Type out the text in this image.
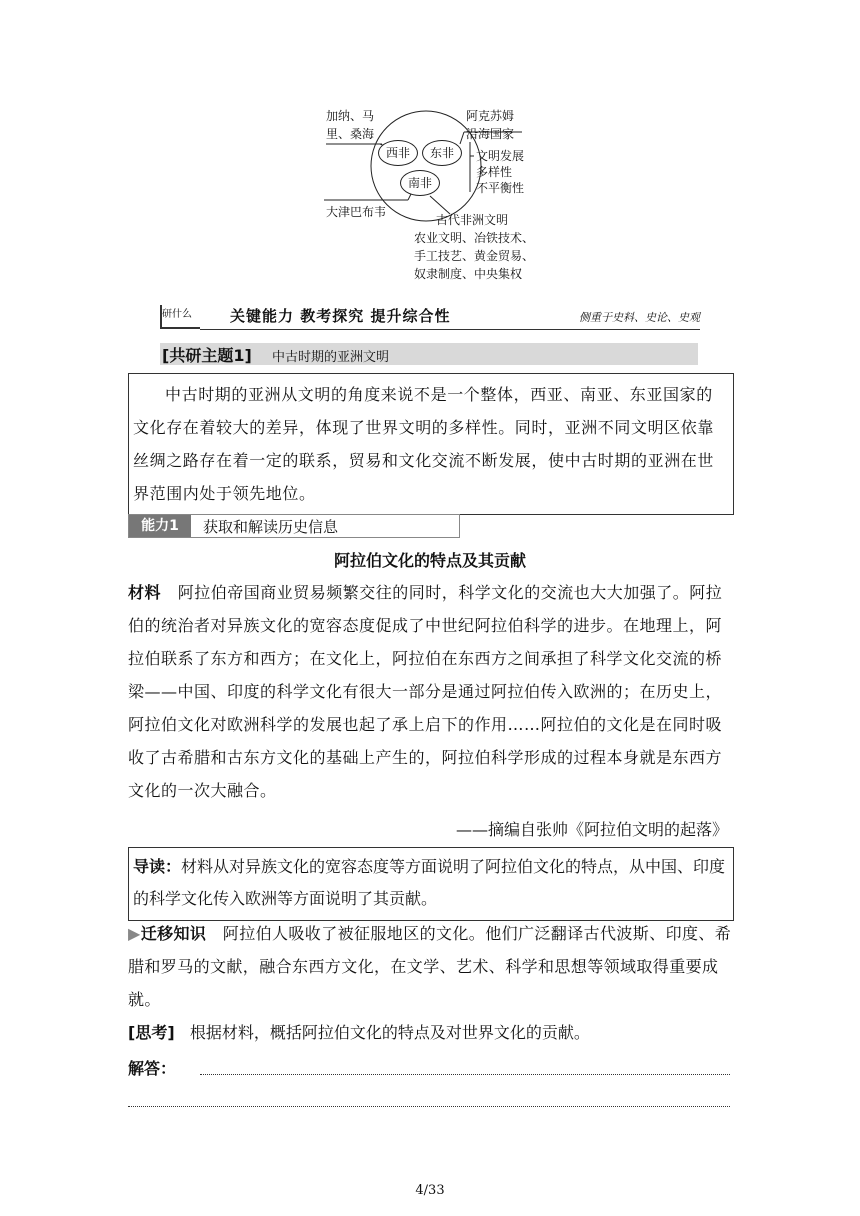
加纳、马
里、桑海
阿克苏姆
沿海国家
西非	东非
南非
文明发展
多样性
不平衡性
大津巴布韦
古代非洲文明
农业文明、冶铁技术、
手工技艺、黄金贸易、
奴隶制度、中央集权
研什么	关键能力 教考探究 提升综合性	侧重于史料、史论、史观
[共研主题1] 中古时期的亚洲文明

中古时期的亚洲从文明的角度来说不是一个整体，西亚、南亚、东亚国家的文化存在着较大的差异，体现了世界文明的多样性。同时，亚洲不同文明区依靠丝绸之路存在着一定的联系，贸易和文化交流不断发展，使中古时期的亚洲在世界范围内处于领先地位。

能力1	获取和解读历史信息
阿拉伯文化的特点及其贡献

材料 阿拉伯帝国商业贸易频繁交往的同时，科学文化的交流也大大加强了。阿拉伯的统治者对异族文化的宽容态度促成了中世纪阿拉伯科学的进步。在地理上，阿拉伯联系了东方和西方；在文化上，阿拉伯在东西方之间承担了科学文化交流的桥梁——中国、印度的科学文化有很大一部分是通过阿拉伯传入欧洲的；在历史上，阿拉伯文化对欧洲科学的发展也起了承上启下的作用……阿拉伯的文化是在同时吸收了古希腊和古东方文化的基础上产生的，阿拉伯科学形成的过程本身就是东西方文化的一次大融合。

——摘编自张帅《阿拉伯文明的起落》

导读：材料从对异族文化的宽容态度等方面说明了阿拉伯文化的特点，从中国、印度的科学文化传入欧洲等方面说明了其贡献。

▶迁移知识 阿拉伯人吸收了被征服地区的文化。他们广泛翻译古代波斯、印度、希腊和罗马的文献，融合东西方文化，在文学、艺术、科学和思想等领域取得重要成就。

[思考] 根据材料，概括阿拉伯文化的特点及对世界文化的贡献。
解答：
4/33
